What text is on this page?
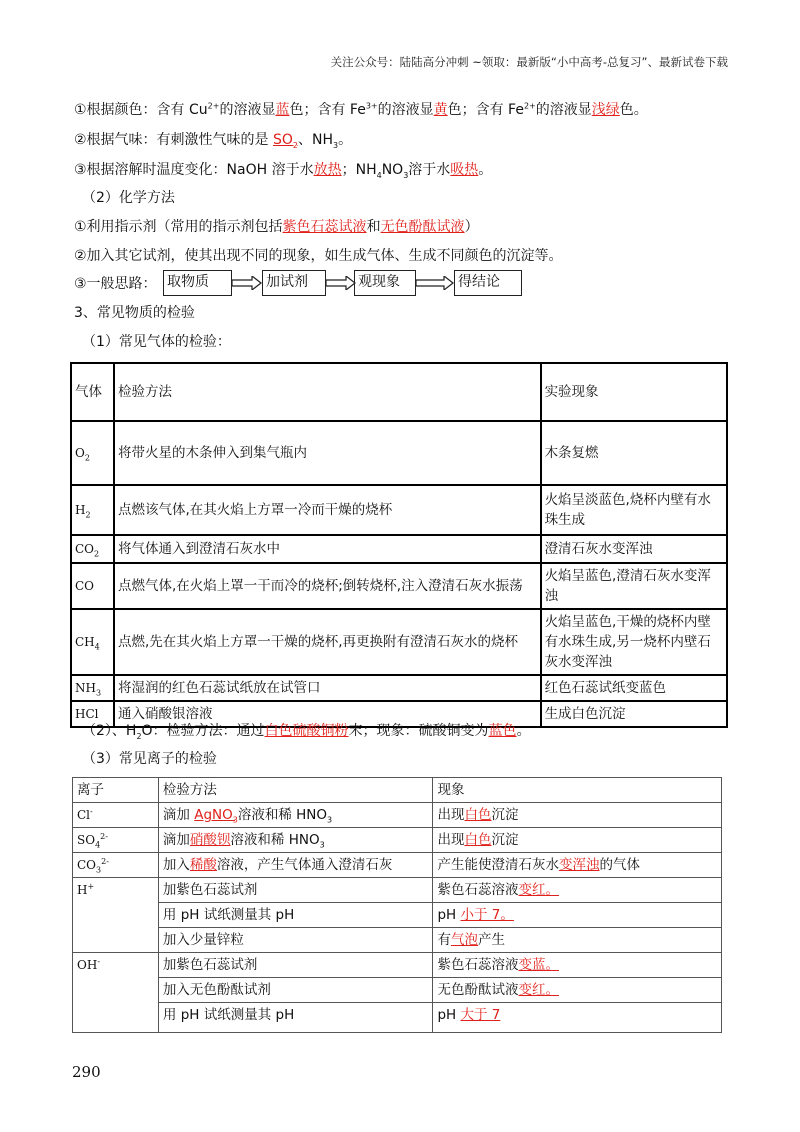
关注公众号：陆陆高分冲刺 ~领取：最新版“小中高考-总复习”、最新试卷下载
①根据颜色：含有 $Cu^{2+}$的溶液显蓝色；含有 $Fe^{3+}$的溶液显黄色；含有 $Fe^{2+}$的溶液显浅绿色。
②根据气味：有刺激性气味的是 $SO_2$、$NH_3$。
③根据溶解时温度变化：NaOH 溶于水放热；$NH_4NO_3$溶于水吸热。
（2）化学方法
①利用指示剂（常用的指示剂包括紫色石蕊试液和无色酚酞试液）
②加入其它试剂，使其出现不同的现象，如生成气体、生成不同颜色的沉淀等。
③一般思路： 取物质	加试剂	观现象	得结论
3、常见物质的检验
（1）常见气体的检验：
气体	检验方法	实验现象
$O_2$	将带火星的木条伸入到集气瓶内	木条复燃
$H_2$	点燃该气体,在其火焰上方罩一冷而干燥的烧杯	火焰呈淡蓝色,烧杯内壁有水珠生成
$CO_2$	将气体通入到澄清石灰水中	澄清石灰水变浑浊
CO	点燃气体,在火焰上罩一干而冷的烧杯;倒转烧杯,注入澄清石灰水振荡	火焰呈蓝色,澄清石灰水变浑浊
$CH_4$	点燃,先在其火焰上方罩一干燥的烧杯,再更换附有澄清石灰水的烧杯	火焰呈蓝色,干燥的烧杯内壁有水珠生成,另一烧杯内壁石灰水变浑浊
$NH_3$	将湿润的红色石蕊试纸放在试管口	红色石蕊试纸变蓝色
HCl	通入硝酸银溶液	生成白色沉淀
（2）、$H_2O$：检验方法：通过白色硫酸铜粉末；现象：硫酸铜变为蓝色。
（3）常见离子的检验
离子	检验方法	现象
Cl-	滴加 AgNO$_3$溶液和稀 $HNO_3$	出现白色沉淀
$SO_4^{2-}$	滴加硝酸钡溶液和稀 $HNO_3$	出现白色沉淀
$CO_3^{2-}$	加入稀酸溶液，产生气体通入澄清石灰	产生能使澄清石灰水变浑浊的气体
H+	加紫色石蕊试剂	紫色石蕊溶液变红。
	用 pH 试纸测量其 pH	pH 小于 7。
	加入少量锌粒	有气泡产生
OH-	加紫色石蕊试剂	紫色石蕊溶液变蓝。
	加入无色酚酞试剂	无色酚酞试液变红。
	用 pH 试纸测量其 pH	pH 大于 7
290
